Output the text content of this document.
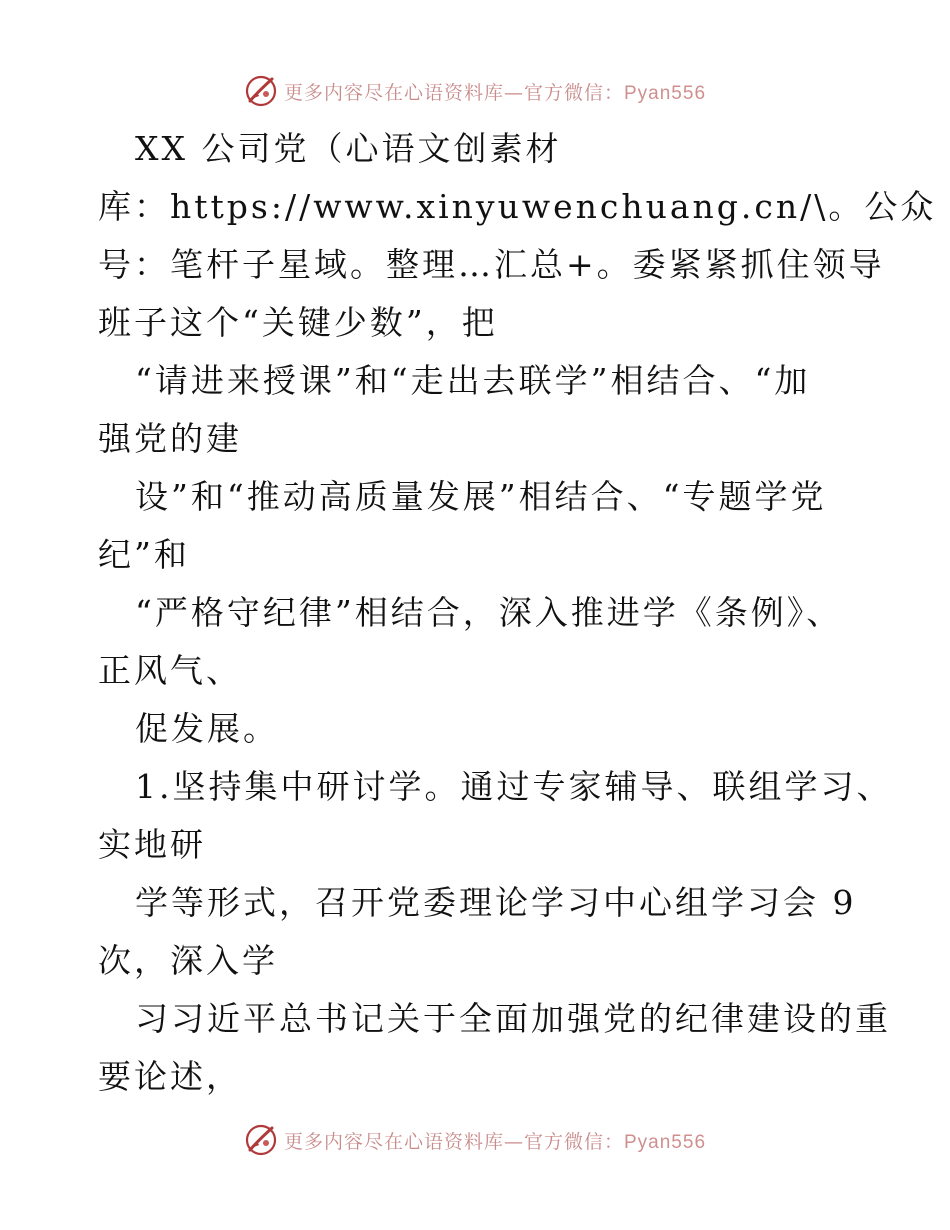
更多内容尽在心语资料库—官方微信：Pyan556
XX 公司党（心语文创素材
库：https://www.xinyuwenchuang.cn/\。公众
号：笔杆子星域。整理…汇总+。委紧紧抓住领导
班子这个“关键少数”，把
“请进来授课”和“走出去联学”相结合、“加
强党的建
设”和“推动高质量发展”相结合、“专题学党
纪”和
“严格守纪律”相结合，深入推进学《条例》、
正风气、
促发展。
1.坚持集中研讨学。通过专家辅导、联组学习、
实地研
学等形式，召开党委理论学习中心组学习会 9
次，深入学
习习近平总书记关于全面加强党的纪律建设的重
要论述，
更多内容尽在心语资料库—官方微信：Pyan556
